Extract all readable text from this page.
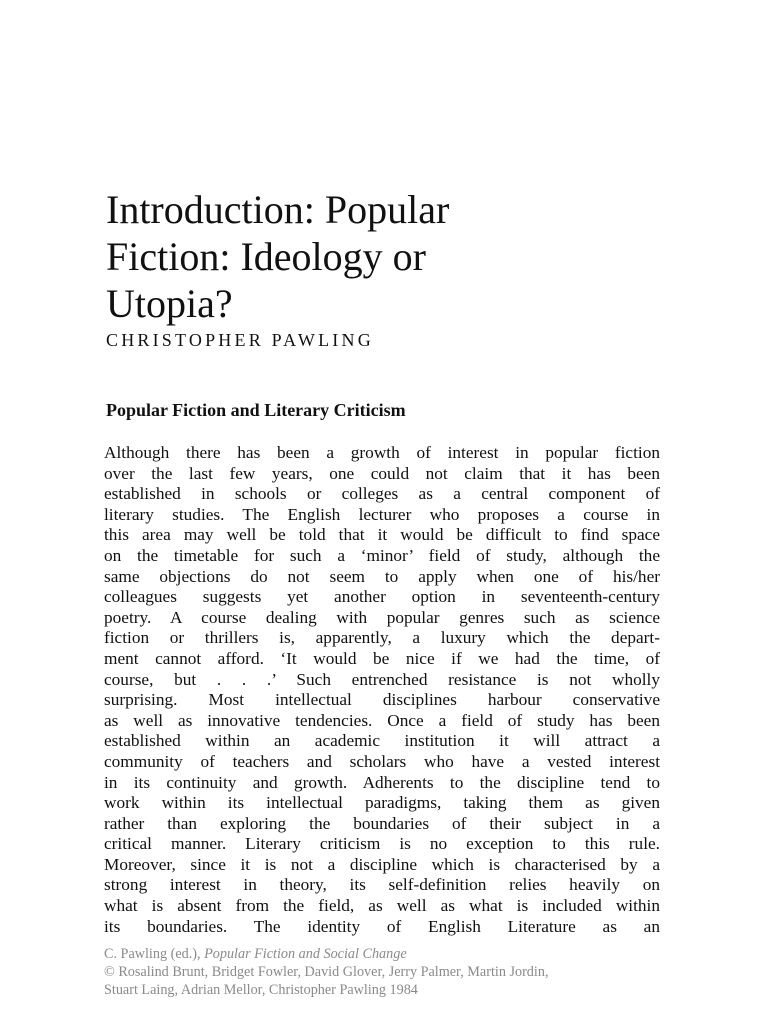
Introduction: Popular
Fiction: Ideology or
Utopia?

CHRISTOPHER PAWLING

Popular Fiction and Literary Criticism
Although there has been a growth of interest in popular fiction
over the last few years, one could not claim that it has been
established in schools or colleges as a central component of
literary studies. The English lecturer who proposes a course in
this area may well be told that it would be difficult to find space
on the timetable for such a ‘minor’ field of study, although the
same objections do not seem to apply when one of his/her
colleagues suggests yet another option in seventeenth-century
poetry. A course dealing with popular genres such as science
fiction or thrillers is, apparently, a luxury which the depart-
ment cannot afford. ‘It would be nice if we had the time, of
course, but . . .’ Such entrenched resistance is not wholly
surprising. Most intellectual disciplines harbour conservative
as well as innovative tendencies. Once a field of study has been
established within an academic institution it will attract a
community of teachers and scholars who have a vested interest
in its continuity and growth. Adherents to the discipline tend to
work within its intellectual paradigms, taking them as given
rather than exploring the boundaries of their subject in a
critical manner. Literary criticism is no exception to this rule.
Moreover, since it is not a discipline which is characterised by a
strong interest in theory, its self-definition relies heavily on
what is absent from the field, as well as what is included within
its boundaries. The identity of English Literature as an
C. Pawling (ed.), Popular Fiction and Social Change
© Rosalind Brunt, Bridget Fowler, David Glover, Jerry Palmer, Martin Jordin,
Stuart Laing, Adrian Mellor, Christopher Pawling 1984
